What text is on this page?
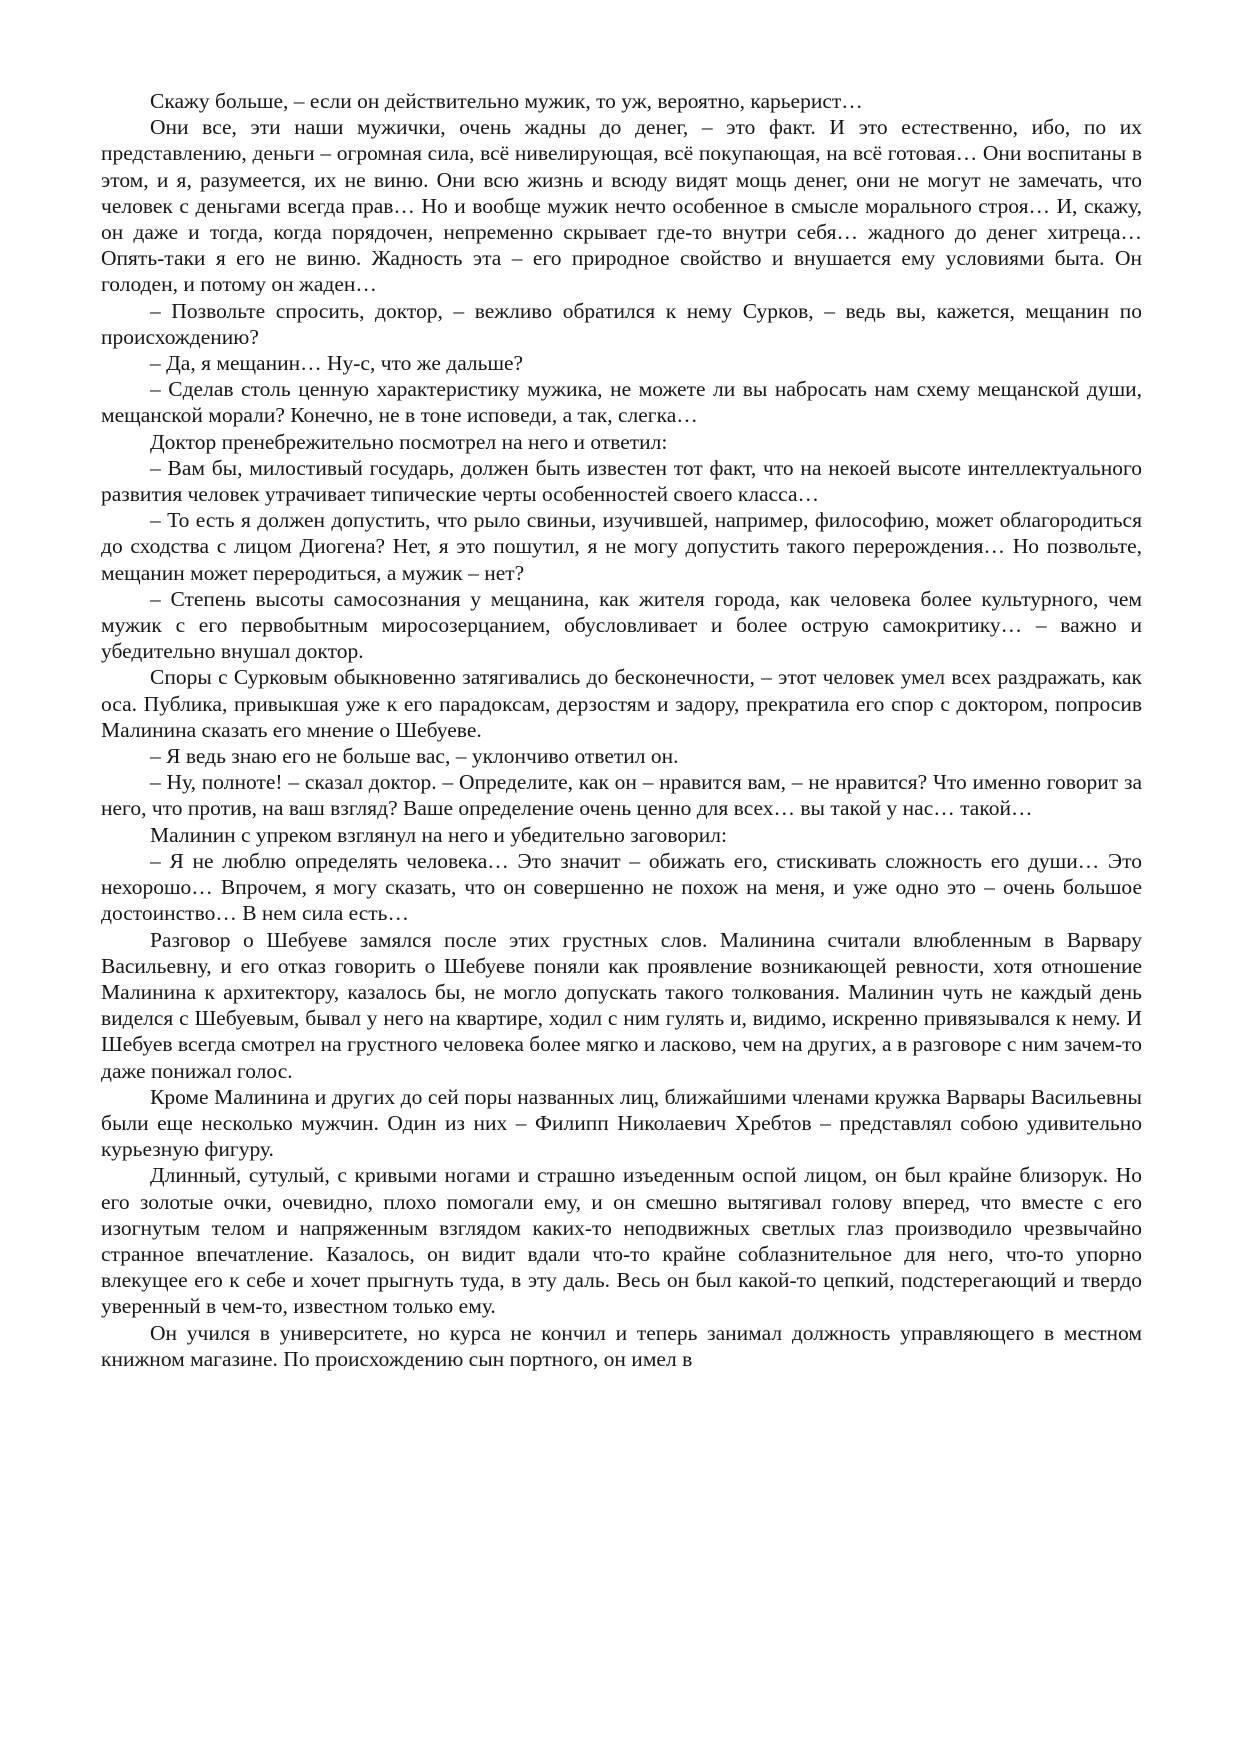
Скажу больше, – если он действительно мужик, то уж, вероятно, карьерист…

Они все, эти наши мужички, очень жадны до денег, – это факт. И это естественно, ибо, по их представлению, деньги – огромная сила, всё нивелирующая, всё покупающая, на всё готовая… Они воспитаны в этом, и я, разумеется, их не виню. Они всю жизнь и всюду видят мощь денег, они не могут не замечать, что человек с деньгами всегда прав… Но и вообще мужик нечто особенное в смысле морального строя… И, скажу, он даже и тогда, когда порядочен, непременно скрывает где-то внутри себя… жадного до денег хитреца… Опять-таки я его не виню. Жадность эта – его природное свойство и внушается ему условиями быта. Он голоден, и потому он жаден…

– Позвольте спросить, доктор, – вежливо обратился к нему Сурков, – ведь вы, кажется, мещанин по происхождению?

– Да, я мещанин… Ну-с, что же дальше?

– Сделав столь ценную характеристику мужика, не можете ли вы набросать нам схему мещанской души, мещанской морали? Конечно, не в тоне исповеди, а так, слегка…

Доктор пренебрежительно посмотрел на него и ответил:

– Вам бы, милостивый государь, должен быть известен тот факт, что на некоей высоте интеллектуального развития человек утрачивает типические черты особенностей своего класса…

– То есть я должен допустить, что рыло свиньи, изучившей, например, философию, может облагородиться до сходства с лицом Диогена? Нет, я это пошутил, я не могу допустить такого перерождения… Но позвольте, мещанин может переродиться, а мужик – нет?

– Степень высоты самосознания у мещанина, как жителя города, как человека более культурного, чем мужик с его первобытным миросозерцанием, обусловливает и более острую самокритику… – важно и убедительно внушал доктор.

Споры с Сурковым обыкновенно затягивались до бесконечности, – этот человек умел всех раздражать, как оса. Публика, привыкшая уже к его парадоксам, дерзостям и задору, прекратила его спор с доктором, попросив Малинина сказать его мнение о Шебуеве.

– Я ведь знаю его не больше вас, – уклончиво ответил он.

– Ну, полноте! – сказал доктор. – Определите, как он – нравится вам, – не нравится? Что именно говорит за него, что против, на ваш взгляд? Ваше определение очень ценно для всех… вы такой у нас… такой…

Малинин с упреком взглянул на него и убедительно заговорил:

– Я не люблю определять человека… Это значит – обижать его, стискивать сложность его души… Это нехорошо… Впрочем, я могу сказать, что он совершенно не похож на меня, и уже одно это – очень большое достоинство… В нем сила есть…

Разговор о Шебуеве замялся после этих грустных слов. Малинина считали влюбленным в Варвару Васильевну, и его отказ говорить о Шебуеве поняли как проявление возникающей ревности, хотя отношение Малинина к архитектору, казалось бы, не могло допускать такого толкования. Малинин чуть не каждый день виделся с Шебуевым, бывал у него на квартире, ходил с ним гулять и, видимо, искренно привязывался к нему. И Шебуев всегда смотрел на грустного человека более мягко и ласково, чем на других, а в разговоре с ним зачем-то даже понижал голос.

Кроме Малинина и других до сей поры названных лиц, ближайшими членами кружка Варвары Васильевны были еще несколько мужчин. Один из них – Филипп Николаевич Хребтов – представлял собою удивительно курьезную фигуру.

Длинный, сутулый, с кривыми ногами и страшно изъеденным оспой лицом, он был крайне близорук. Но его золотые очки, очевидно, плохо помогали ему, и он смешно вытягивал голову вперед, что вместе с его изогнутым телом и напряженным взглядом каких-то неподвижных светлых глаз производило чрезвычайно странное впечатление. Казалось, он видит вдали что-то крайне соблазнительное для него, что-то упорно влекущее его к себе и хочет прыгнуть туда, в эту даль. Весь он был какой-то цепкий, подстерегающий и твердо уверенный в чем-то, известном только ему.

Он учился в университете, но курса не кончил и теперь занимал должность управляющего в местном книжном магазине. По происхождению сын портного, он имел в
